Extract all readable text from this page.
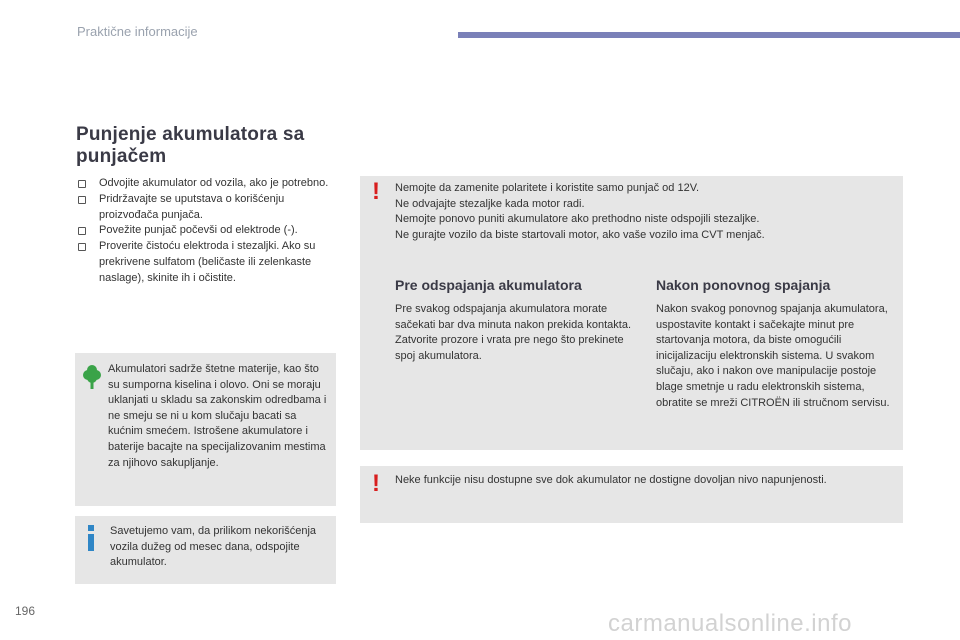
Praktične informacije
Punjenje akumulatora sa punjačem
Odvojite akumulator od vozila, ako je potrebno.
Pridržavajte se uputstava o korišćenju proizvođača punjača.
Povežite punjač počevši od elektrode (-).
Proverite čistoću elektroda i stezaljki. Ako su prekrivene sulfatom (beličaste ili zelenkaste naslage), skinite ih i očistite.
Akumulatori sadrže štetne materije, kao što su sumporna kiselina i olovo. Oni se moraju uklanjati u skladu sa zakonskim odredbama i ne smeju se ni u kom slučaju bacati sa kućnim smećem. Istrošene akumulatore i baterije bacajte na specijalizovanim mestima za njihovo sakupljanje.
Savetujemo vam, da prilikom nekorišćenja vozila dužeg od mesec dana, odspojite akumulator.
! Nemojte da zamenite polaritete i koristite samo punjač od 12V.
Ne odvajajte stezaljke kada motor radi.
Nemojte ponovo puniti akumulatore ako prethodno niste odspojili stezaljke.
Ne gurajte vozilo da biste startovali motor, ako vaše vozilo ima CVT menjač.
Pre odspajanja akumulatora
Pre svakog odspajanja akumulatora morate sačekati bar dva minuta nakon prekida kontakta. Zatvorite prozore i vrata pre nego što prekinete spoj akumulatora.
Nakon ponovnog spajanja
Nakon svakog ponovnog spajanja akumulatora, uspostavite kontakt i sačekajte minut pre startovanja motora, da biste omogućili inicijalizaciju elektronskih sistema. U svakom slučaju, ako i nakon ove manipulacije postoje blage smetnje u radu elektronskih sistema, obratite se mreži CITROËN ili stručnom servisu.
! Neke funkcije nisu dostupne sve dok akumulator ne dostigne dovoljan nivo napunjenosti.
196	carmanualsonline.info
